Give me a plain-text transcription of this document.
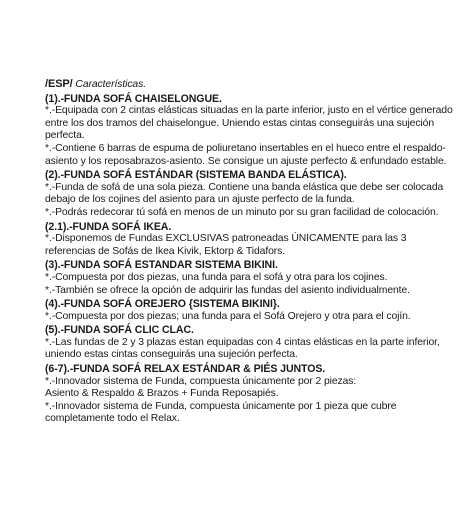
/ESP/ Características.
(1).-FUNDA SOFÁ CHAISELONGUE.

*.-Equipada con 2 cintas elásticas situadas en la parte inferior, justo en el vértice generado entre los dos tramos del chaiselongue. Uniendo estas cintas conseguirás una sujeción perfecta.

*.-Contiene 6 barras de espuma de poliuretano insertables en el hueco entre el respaldo-asiento y los reposabrazos-asiento. Se consigue un ajuste perfecto & enfundado estable.

(2).-FUNDA SOFÁ ESTÁNDAR (SISTEMA BANDA ELÁSTICA).

*.-Funda de sofá de una sola pieza. Contiene una banda elástica que debe ser colocada debajo de los cojines del asiento para un ajuste perfecto de la funda.

*.-Podrás redecorar tú sofá en menos de un minuto por su gran facilidad de colocación.

(2.1).-FUNDA SOFÁ IKEA.

*.-Disponemos de Fundas EXCLUSIVAS patroneadas ÚNICAMENTE para las 3 referencias de Sofás de Ikea Kivik, Ektorp & Tidafors.

(3).-FUNDA SOFÁ ESTANDAR SISTEMA BIKINI.

*.-Compuesta por dos piezas, una funda para el sofá y otra para los cojines.

*.-También se ofrece la opción de adquirir las fundas del asiento individualmente.

(4).-FUNDA SOFÁ OREJERO {SISTEMA BIKINI}.

*.-Compuesta por dos piezas; una funda para el Sofá Orejero y otra para el cojín.

(5).-FUNDA SOFÁ CLIC CLAC.

*.-Las fundas de 2 y 3 plazas estan equipadas con 4 cintas elásticas en la parte inferior, uniendo estas cintas conseguirás una sujeción perfecta.

(6-7).-FUNDA SOFÁ RELAX ESTÁNDAR & PIÉS JUNTOS.

*.-Innovador sistema de Funda, compuesta únicamente por 2 piezas:

Asiento & Respaldo & Brazos + Funda Reposapiés.

*.-Innovador sistema de Funda, compuesta únicamente por 1 pieza que cubre completamente todo el Relax.
